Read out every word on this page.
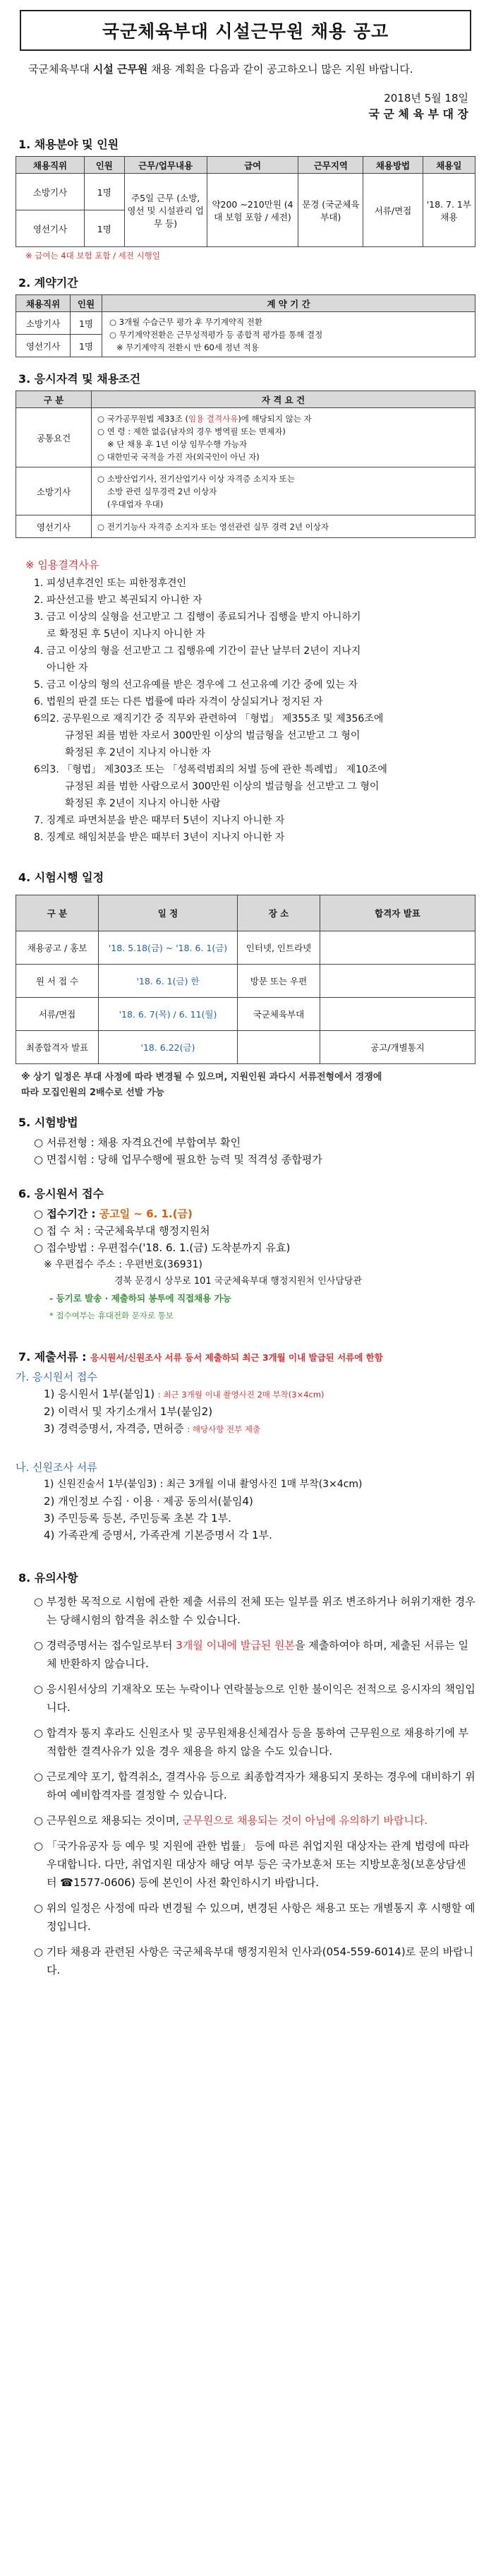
국군체육부대 시설근무원 채용 공고

국군체육부대 시설 근무원 채용 계획을 다음과 같이 공고하오니 많은 지원 바랍니다.

2018년 5월 18일
국 군 체 육 부 대 장
1. 채용분야 및 인원
채용직위	인원	근무/업무내용	급여	근무지역	채용방법	채용일
소방기사	1명	주5일 근무 (소방, 영선 및 시설관리 업무 등)	약200 ~210만원 (4대 보험 포함 / 세전)	문경 (국군체육 부대)	서류/면접	'18. 7. 1부 채용
영선기사	1명					
※ 급여는 4대 보험 포함 / 세전 시행일
2. 계약기간
채용직위	인원	계 약 기 간
소방기사	1명	○ 3개월 수습근무 평가 후 무기계약직 전환
○ 무기계약전환은 근무성적평가 등 종합적 평가를 통해 결정
※ 무기계약직 전환시 만 60세 정년 적용

영선기사	1명	
3. 응시자격 및 채용조건
구 분	자 격 요 건
공통요건	○ 국가공무원법 제33조 (임용 결격사유)에 해당되지 않는 자
○ 연 령 : 제한 없음(남자의 경우 병역필 또는 면제자)
※ 단 채용 후 1년 이상 임무수행 가능자
○ 대한민국 국적을 가진 자(외국인이 아닌 자)

소방기사	○ 소방산업기사, 전기산업기사 이상 자격증 소지자 또는
소방 관련 실무경력 2년 이상자
(우대업자 우대)

영선기사	○ 전기기능사 자격증 소지자 또는 영선관련 실무 경력 2년 이상자

※ 임용결격사유

1. 피성년후견인 또는 피한정후견인

2. 파산선고를 받고 복권되지 아니한 자

3. 금고 이상의 실형을 선고받고 그 집행이 종료되거나 집행을 받지 아니하기

로 확정된 후 5년이 지나지 아니한 자

4. 금고 이상의 형을 선고받고 그 집행유예 기간이 끝난 날부터 2년이 지나지

아니한 자

5. 금고 이상의 형의 선고유예를 받은 경우에 그 선고유예 기간 중에 있는 자

6. 법원의 판결 또는 다른 법률에 따라 자격이 상실되거나 정지된 자

6의2. 공무원으로 재직기간 중 직무와 관련하여 「형법」 제355조 및 제356조에

규정된 죄를 범한 자로서 300만원 이상의 벌금형을 선고받고 그 형이

확정된 후 2년이 지나지 아니한 자

6의3. 「형법」 제303조 또는 「성폭력범죄의 처벌 등에 관한 특례법」 제10조에

규정된 죄를 범한 사람으로서 300만원 이상의 벌금형을 선고받고 그 형이

확정된 후 2년이 지나지 아니한 사람

7. 징계로 파면처분을 받은 때부터 5년이 지나지 아니한 자

8. 징계로 해임처분을 받은 때부터 3년이 지나지 아니한 자

4. 시험시행 일정
구 분	일 정	장 소	합격자 발표
채용공고 / 홍보	'18. 5.18(금) ~ '18. 6. 1(금)	인터넷, 인트라넷	
원 서 접 수	'18. 6. 1(금) 한	방문 또는 우편	
서류/면접	'18. 6. 7(목) / 6. 11(월)	국군체육부대	
최종합격자 발표	'18. 6.22(금)		공고/개별통지
※ 상기 일정은 부대 사정에 따라 변경될 수 있으며, 지원인원 과다시 서류전형에서 경쟁에
따라 모집인원의 2배수로 선발 가능
5. 시험방법

○ 서류전형 : 채용 자격요건에 부합여부 확인

○ 면접시험 : 당해 업무수행에 필요한 능력 및 적격성 종합평가

6. 응시원서 접수

○ 접수기간 : 공고일 ~ 6. 1.(금)

○ 접 수 처 : 국군체육부대 행정지원처

○ 접수방법 : 우편접수('18. 6. 1.(금) 도착분까지 유효)

※ 우편접수 주소 : 우편번호(36931)

경북 문경시 상무로 101 국군체육부대 행정지원처 인사담당관

- 등기로 발송 · 제출하되 봉투에 직접채용 가능

* 접수여부는 휴대전화 문자로 통보

7. 제출서류 : 응시원서/신원조사 서류 등서 제출하되 최근 3개월 이내 발급된 서류에 한함

가. 응시원서 접수

1) 응시원서 1부(붙임1) : 최근 3개월 이내 촬영사진 2매 부착(3×4cm)

2) 이력서 및 자기소개서 1부(붙임2)

3) 경력증명서, 자격증, 면허증 : 해당사항 전부 제출

나. 신원조사 서류

1) 신원진술서 1부(붙임3) : 최근 3개월 이내 촬영사진 1매 부착(3×4cm)

2) 개인정보 수집 · 이용 · 제공 동의서(붙임4)

3) 주민등록 등본, 주민등록 초본 각 1부.

4) 가족관계 증명서, 가족관계 기본증명서 각 1부.

8. 유의사항

○ 부정한 목적으로 시험에 관한 제출 서류의 전체 또는 일부를 위조 변조하거나 허위기재한 경우는 당해시험의 합격을 취소할 수 있습니다.

○ 경력증명서는 접수일로부터 3개월 이내에 발급된 원본을 제출하여야 하며, 제출된 서류는 일체 반환하지 않습니다.

○ 응시원서상의 기재착오 또는 누락이나 연락불능으로 인한 불이익은 전적으로 응시자의 책임입니다.

○ 합격자 통지 후라도 신원조사 및 공무원채용신체검사 등을 통하여 근무원으로 채용하기에 부적합한 결격사유가 있을 경우 채용을 하지 않을 수도 있습니다.

○ 근로계약 포기, 합격취소, 결격사유 등으로 최종합격자가 채용되지 못하는 경우에 대비하기 위하여 예비합격자를 결정할 수 있습니다.

○ 근무원으로 채용되는 것이며, 군무원으로 채용되는 것이 아님에 유의하기 바랍니다.

○ 「국가유공자 등 예우 및 지원에 관한 법률」 등에 따른 취업지원 대상자는 관계 법령에 따라 우대합니다. 다만, 취업지원 대상자 해당 여부 등은 국가보훈처 또는 지방보훈청(보훈상담센터 ☎1577-0606) 등에 본인이 사전 확인하시기 바랍니다.

○ 위의 일정은 사정에 따라 변경될 수 있으며, 변경된 사항은 채용고 또는 개별통지 후 시행할 예정입니다.

○ 기타 채용과 관련된 사항은 국군체육부대 행정지원처 인사과(054-559-6014)로 문의 바랍니다.
